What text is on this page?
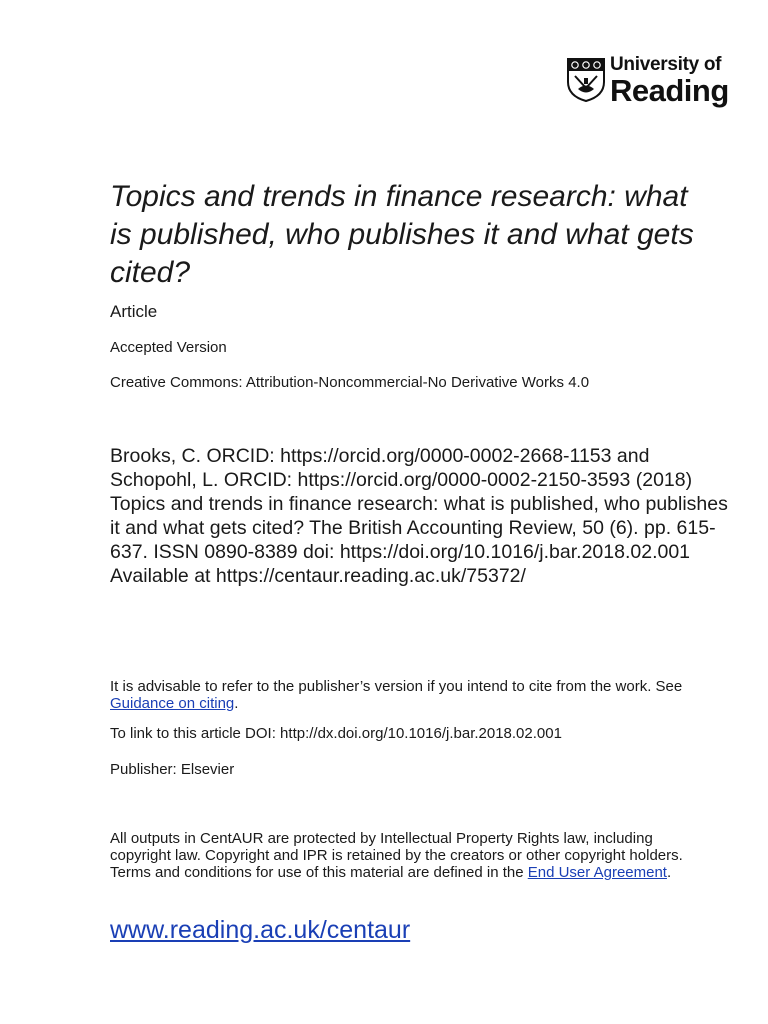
University of
Reading
Topics and trends in finance research: what is published, who publishes it and what gets cited?
Article
Accepted Version
Creative Commons: Attribution-Noncommercial-No Derivative Works 4.0

Brooks, C. ORCID: https://orcid.org/0000-0002-2668-1153 and Schopohl, L. ORCID: https://orcid.org/0000-0002-2150-3593 (2018) Topics and trends in finance research: what is published, who publishes it and what gets cited? The British Accounting Review, 50 (6). pp. 615-637. ISSN 0890-8389 doi: https://doi.org/10.1016/j.bar.2018.02.001 Available at https://centaur.reading.ac.uk/75372/

It is advisable to refer to the publisher’s version if you intend to cite from the work. See Guidance on citing.

To link to this article DOI: http://dx.doi.org/10.1016/j.bar.2018.02.001
Publisher: Elsevier

All outputs in CentAUR are protected by Intellectual Property Rights law, including copyright law. Copyright and IPR is retained by the creators or other copyright holders. Terms and conditions for use of this material are defined in the End User Agreement.

www.reading.ac.uk/centaur
